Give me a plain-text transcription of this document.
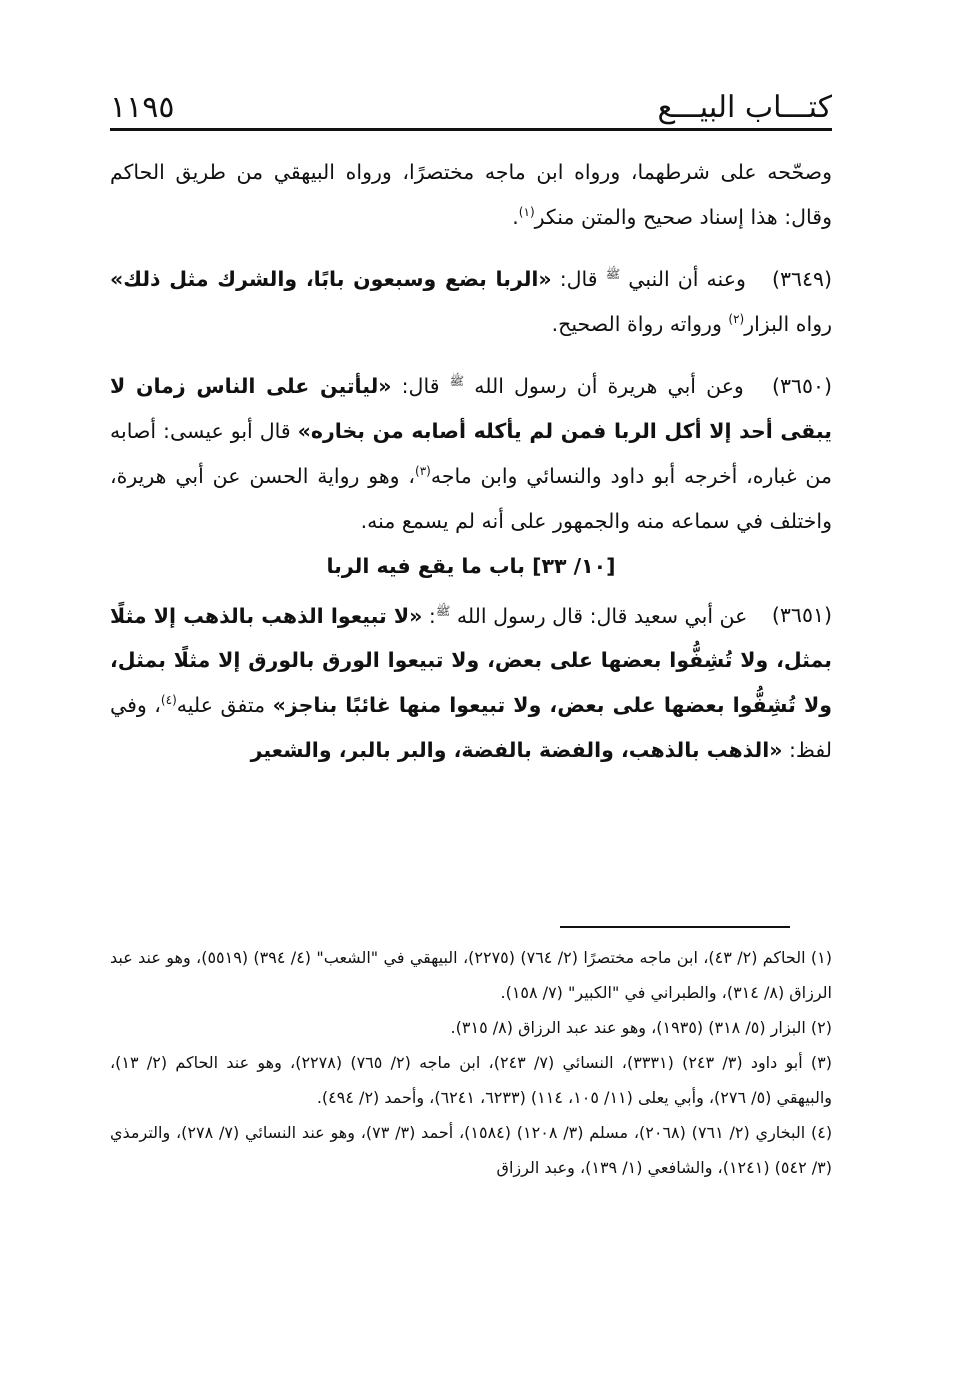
كتـــاب البيـــع
١١٩٥

وصحّحه على شرطهما، ورواه ابن ماجه مختصرًا، ورواه البيهقي من طريق الحاكم وقال: هذا إسناد صحيح والمتن منكر$^{(١)}$.

(٣٦٤٩) وعنه أن النبي $^ﷺ$ قال: «الربا بضع وسبعون بابًا، والشرك مثل ذلك» رواه البزار$^{(٢)}$ ورواته رواة الصحيح.

(٣٦٥٠) وعن أبي هريرة أن رسول الله $^ﷺ$ قال: «ليأتين على الناس زمان لا يبقى أحد إلا أكل الربا فمن لم يأكله أصابه من بخاره» قال أبو عيسى: أصابه من غباره، أخرجه أبو داود والنسائي وابن ماجه$^{(٣)}$، وهو رواية الحسن عن أبي هريرة، واختلف في سماعه منه والجمهور على أنه لم يسمع منه.

[١٠/ ٣٣] باب ما يقع فيه الربا

(٣٦٥١) عن أبي سعيد قال: قال رسول الله $^ﷺ$: «لا تبيعوا الذهب بالذهب إلا مثلًا بمثل، ولا تُشِفُّوا بعضها على بعض، ولا تبيعوا الورق بالورق إلا مثلًا بمثل، ولا تُشِفُّوا بعضها على بعض، ولا تبيعوا منها غائبًا بناجز» متفق عليه$^{(٤)}$، وفي لفظ: «الذهب بالذهب، والفضة بالفضة، والبر بالبر، والشعير

(١) الحاكم (٢/ ٤٣)، ابن ماجه مختصرًا (٢/ ٧٦٤) (٢٢٧٥)، البيهقي في "الشعب" (٤/ ٣٩٤) (٥٥١٩)، وهو عند عبد الرزاق (٨/ ٣١٤)، والطبراني في "الكبير" (٧/ ١٥٨).

(٢) البزار (٥/ ٣١٨) (١٩٣٥)، وهو عند عبد الرزاق (٨/ ٣١٥).

(٣) أبو داود (٣/ ٢٤٣) (٣٣٣١)، النسائي (٧/ ٢٤٣)، ابن ماجه (٢/ ٧٦٥) (٢٢٧٨)، وهو عند الحاكم (٢/ ١٣)، والبيهقي (٥/ ٢٧٦)، وأبي يعلى (١١/ ١٠٥، ١١٤) (٦٢٣٣، ٦٢٤١)، وأحمد (٢/ ٤٩٤).

(٤) البخاري (٢/ ٧٦١) (٢٠٦٨)، مسلم (٣/ ١٢٠٨) (١٥٨٤)، أحمد (٣/ ٧٣)، وهو عند النسائي (٧/ ٢٧٨)، والترمذي (٣/ ٥٤٢) (١٢٤١)، والشافعي (١/ ١٣٩)، وعبد الرزاق
